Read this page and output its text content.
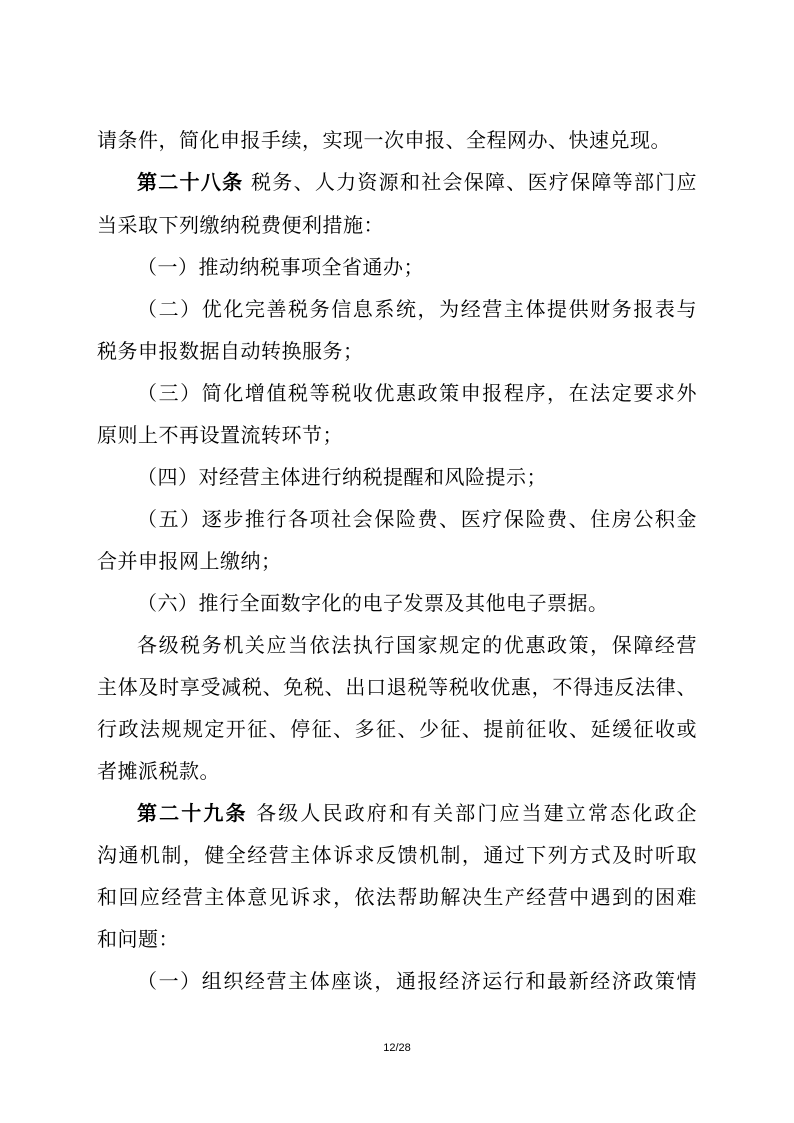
请条件，简化申报手续，实现一次申报、全程网办、快速兑现。
第二十八条 税务、人力资源和社会保障、医疗保障等部门应
当采取下列缴纳税费便利措施：
（一）推动纳税事项全省通办；
（二）优化完善税务信息系统，为经营主体提供财务报表与
税务申报数据自动转换服务；
（三）简化增值税等税收优惠政策申报程序，在法定要求外
原则上不再设置流转环节；
（四）对经营主体进行纳税提醒和风险提示；
（五）逐步推行各项社会保险费、医疗保险费、住房公积金
合并申报网上缴纳；
（六）推行全面数字化的电子发票及其他电子票据。
各级税务机关应当依法执行国家规定的优惠政策，保障经营
主体及时享受减税、免税、出口退税等税收优惠，不得违反法律、
行政法规规定开征、停征、多征、少征、提前征收、延缓征收或
者摊派税款。
第二十九条 各级人民政府和有关部门应当建立常态化政企
沟通机制，健全经营主体诉求反馈机制，通过下列方式及时听取
和回应经营主体意见诉求，依法帮助解决生产经营中遇到的困难
和问题：
（一）组织经营主体座谈，通报经济运行和最新经济政策情
12/28
